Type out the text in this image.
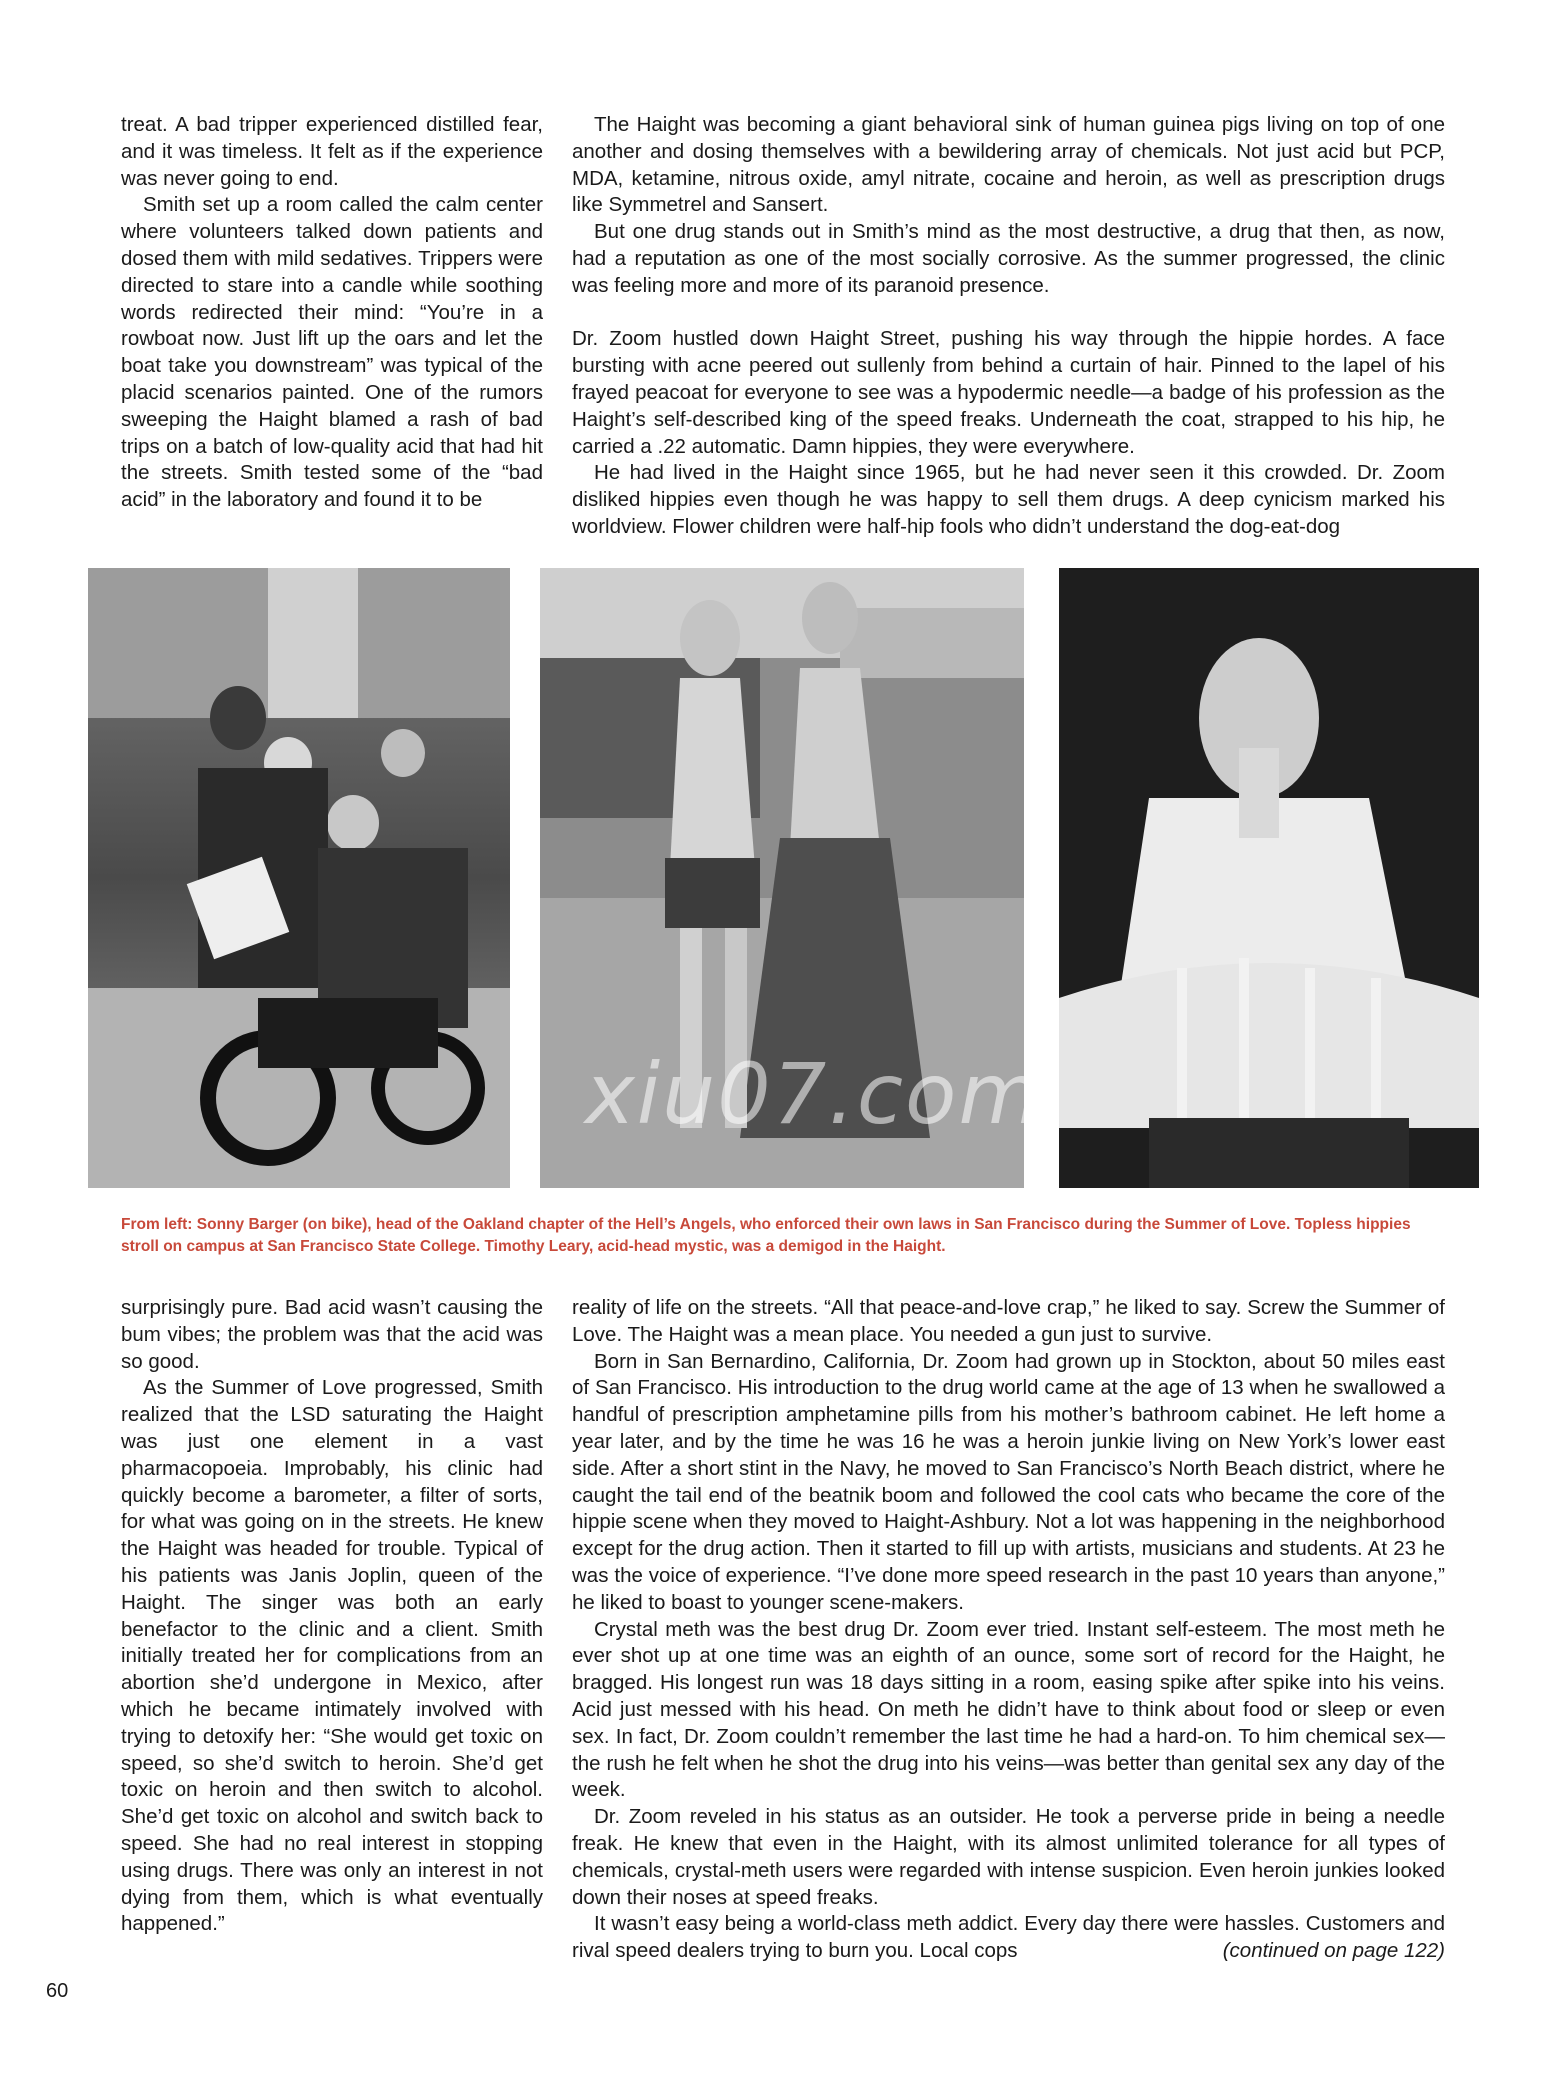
treat. A bad tripper experienced distilled fear, and it was timeless. It felt as if the experience was never going to end.

Smith set up a room called the calm center where volunteers talked down patients and dosed them with mild sedatives. Trippers were directed to stare into a candle while soothing words redirected their mind: “You’re in a rowboat now. Just lift up the oars and let the boat take you downstream” was typical of the placid scenarios painted. One of the rumors sweeping the Haight blamed a rash of bad trips on a batch of low-quality acid that had hit the streets. Smith tested some of the “bad acid” in the laboratory and found it to be

The Haight was becoming a giant behavioral sink of human guinea pigs living on top of one another and dosing themselves with a bewildering array of chemicals. Not just acid but PCP, MDA, ketamine, nitrous oxide, amyl nitrate, cocaine and heroin, as well as prescription drugs like Symmetrel and Sansert.

But one drug stands out in Smith’s mind as the most destructive, a drug that then, as now, had a reputation as one of the most socially corrosive. As the summer progressed, the clinic was feeling more and more of its paranoid presence.

Dr. Zoom hustled down Haight Street, pushing his way through the hippie hordes. A face bursting with acne peered out sullenly from behind a curtain of hair. Pinned to the lapel of his frayed peacoat for everyone to see was a hypodermic needle—a badge of his profession as the Haight’s self-described king of the speed freaks. Underneath the coat, strapped to his hip, he carried a .22 automatic. Damn hippies, they were everywhere.

He had lived in the Haight since 1965, but he had never seen it this crowded. Dr. Zoom disliked hippies even though he was happy to sell them drugs. A deep cynicism marked his worldview. Flower children were half-hip fools who didn’t understand the dog-eat-dog

xiu07.com
From left: Sonny Barger (on bike), head of the Oakland chapter of the Hell’s Angels, who enforced their own laws in San Francisco during the Summer of Love. Topless hippies stroll on campus at San Francisco State College. Timothy Leary, acid-head mystic, was a demigod in the Haight.

surprisingly pure. Bad acid wasn’t causing the bum vibes; the problem was that the acid was so good.

As the Summer of Love progressed, Smith realized that the LSD saturating the Haight was just one element in a vast pharmacopoeia. Improbably, his clinic had quickly become a barometer, a filter of sorts, for what was going on in the streets. He knew the Haight was headed for trouble. Typical of his patients was Janis Joplin, queen of the Haight. The singer was both an early benefactor to the clinic and a client. Smith initially treated her for complications from an abortion she’d undergone in Mexico, after which he became intimately involved with trying to detoxify her: “She would get toxic on speed, so she’d switch to heroin. She’d get toxic on heroin and then switch to alcohol. She’d get toxic on alcohol and switch back to speed. She had no real interest in stopping using drugs. There was only an interest in not dying from them, which is what eventually happened.”

reality of life on the streets. “All that peace-and-love crap,” he liked to say. Screw the Summer of Love. The Haight was a mean place. You needed a gun just to survive.

Born in San Bernardino, California, Dr. Zoom had grown up in Stockton, about 50 miles east of San Francisco. His introduction to the drug world came at the age of 13 when he swallowed a handful of prescription amphetamine pills from his mother’s bathroom cabinet. He left home a year later, and by the time he was 16 he was a heroin junkie living on New York’s lower east side. After a short stint in the Navy, he moved to San Francisco’s North Beach district, where he caught the tail end of the beatnik boom and followed the cool cats who became the core of the hippie scene when they moved to Haight-Ashbury. Not a lot was happening in the neighborhood except for the drug action. Then it started to fill up with artists, musicians and students. At 23 he was the voice of experience. “I’ve done more speed research in the past 10 years than anyone,” he liked to boast to younger scene-makers.

Crystal meth was the best drug Dr. Zoom ever tried. Instant self-esteem. The most meth he ever shot up at one time was an eighth of an ounce, some sort of record for the Haight, he bragged. His longest run was 18 days sitting in a room, easing spike after spike into his veins. Acid just messed with his head. On meth he didn’t have to think about food or sleep or even sex. In fact, Dr. Zoom couldn’t remember the last time he had a hard-on. To him chemical sex—the rush he felt when he shot the drug into his veins—was better than genital sex any day of the week.

Dr. Zoom reveled in his status as an outsider. He took a perverse pride in being a needle freak. He knew that even in the Haight, with its almost unlimited tolerance for all types of chemicals, crystal-meth users were regarded with intense suspicion. Even heroin junkies looked down their noses at speed freaks.

It wasn’t easy being a world-class meth addict. Every day there were hassles. Customers and rival speed dealers trying to burn you. Local cops	(continued on page 122)

60
